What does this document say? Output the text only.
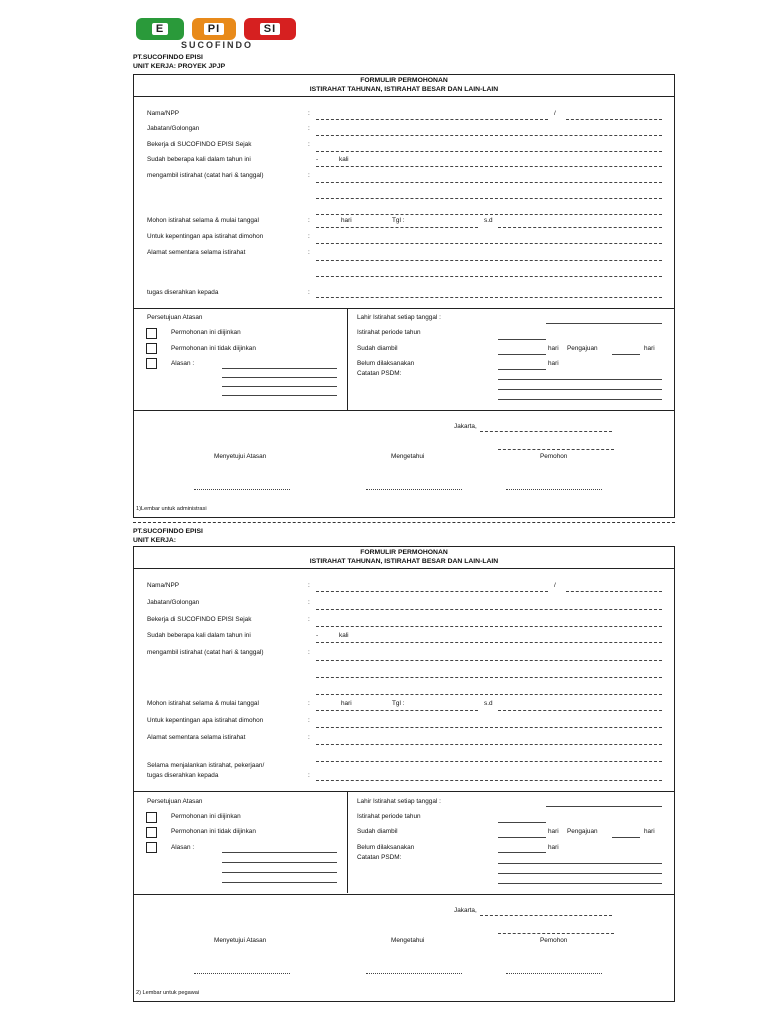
E	PI	SI
SUCOFINDO
PT.SUCOFINDO EPISI
UNIT KERJA: PROYEK JPJP
FORMULIR PERMOHONAN
ISTIRAHAT TAHUNAN, ISTIRAHAT BESAR DAN LAIN-LAIN
Nama/NPP	:	/
Jabatan/Golongan	:
Bekerja di SUCOFINDO EPISI Sejak	:
Sudah beberapa kali dalam tahun ini	-	kali
mengambil istirahat (catat hari & tanggal)	:
Mohon istirahat selama & mulai tanggal	:	hari	Tgl :	s.d
Untuk kepentingan apa istirahat dimohon	:
Alamat sementara selama istirahat	:
tugas diserahkan kepada	:
Persetujuan Atasan
Permohonan ini diijinkan
Permohonan ini tidak diijinkan
Alasan :
Lahir Istirahat setiap tanggal :
Istirahat periode tahun
Sudah diambil	hari Pengajuan	hari
Belum dilaksanakan	hari
Catatan PSDM:
Jakarta,
Menyetujui Atasan	Mengetahui	Pemohon
1)Lembar untuk administrasi
PT.SUCOFINDO EPISI
UNIT KERJA:
FORMULIR PERMOHONAN
ISTIRAHAT TAHUNAN, ISTIRAHAT BESAR DAN LAIN-LAIN
Nama/NPP	:	/
Jabatan/Golongan	:
Bekerja di SUCOFINDO EPISI Sejak	:
Sudah beberapa kali dalam tahun ini	-	kali
mengambil istirahat (catat hari & tanggal)	:
Mohon istirahat selama & mulai tanggal	:	hari	Tgl :	s.d
Untuk kepentingan apa istirahat dimohon	:
Alamat sementara selama istirahat	:
Selama menjalankan istirahat, pekerjaan/
tugas diserahkan kepada	:
Persetujuan Atasan
Permohonan ini diijinkan
Permohonan ini tidak diijinkan
Alasan :
Lahir Istirahat setiap tanggal :
Istirahat periode tahun
Sudah diambil	hari Pengajuan	hari
Belum dilaksanakan	hari
Catatan PSDM:
Jakarta,
Menyetujui Atasan	Mengetahui	Pemohon
2) Lembar untuk pegawai
